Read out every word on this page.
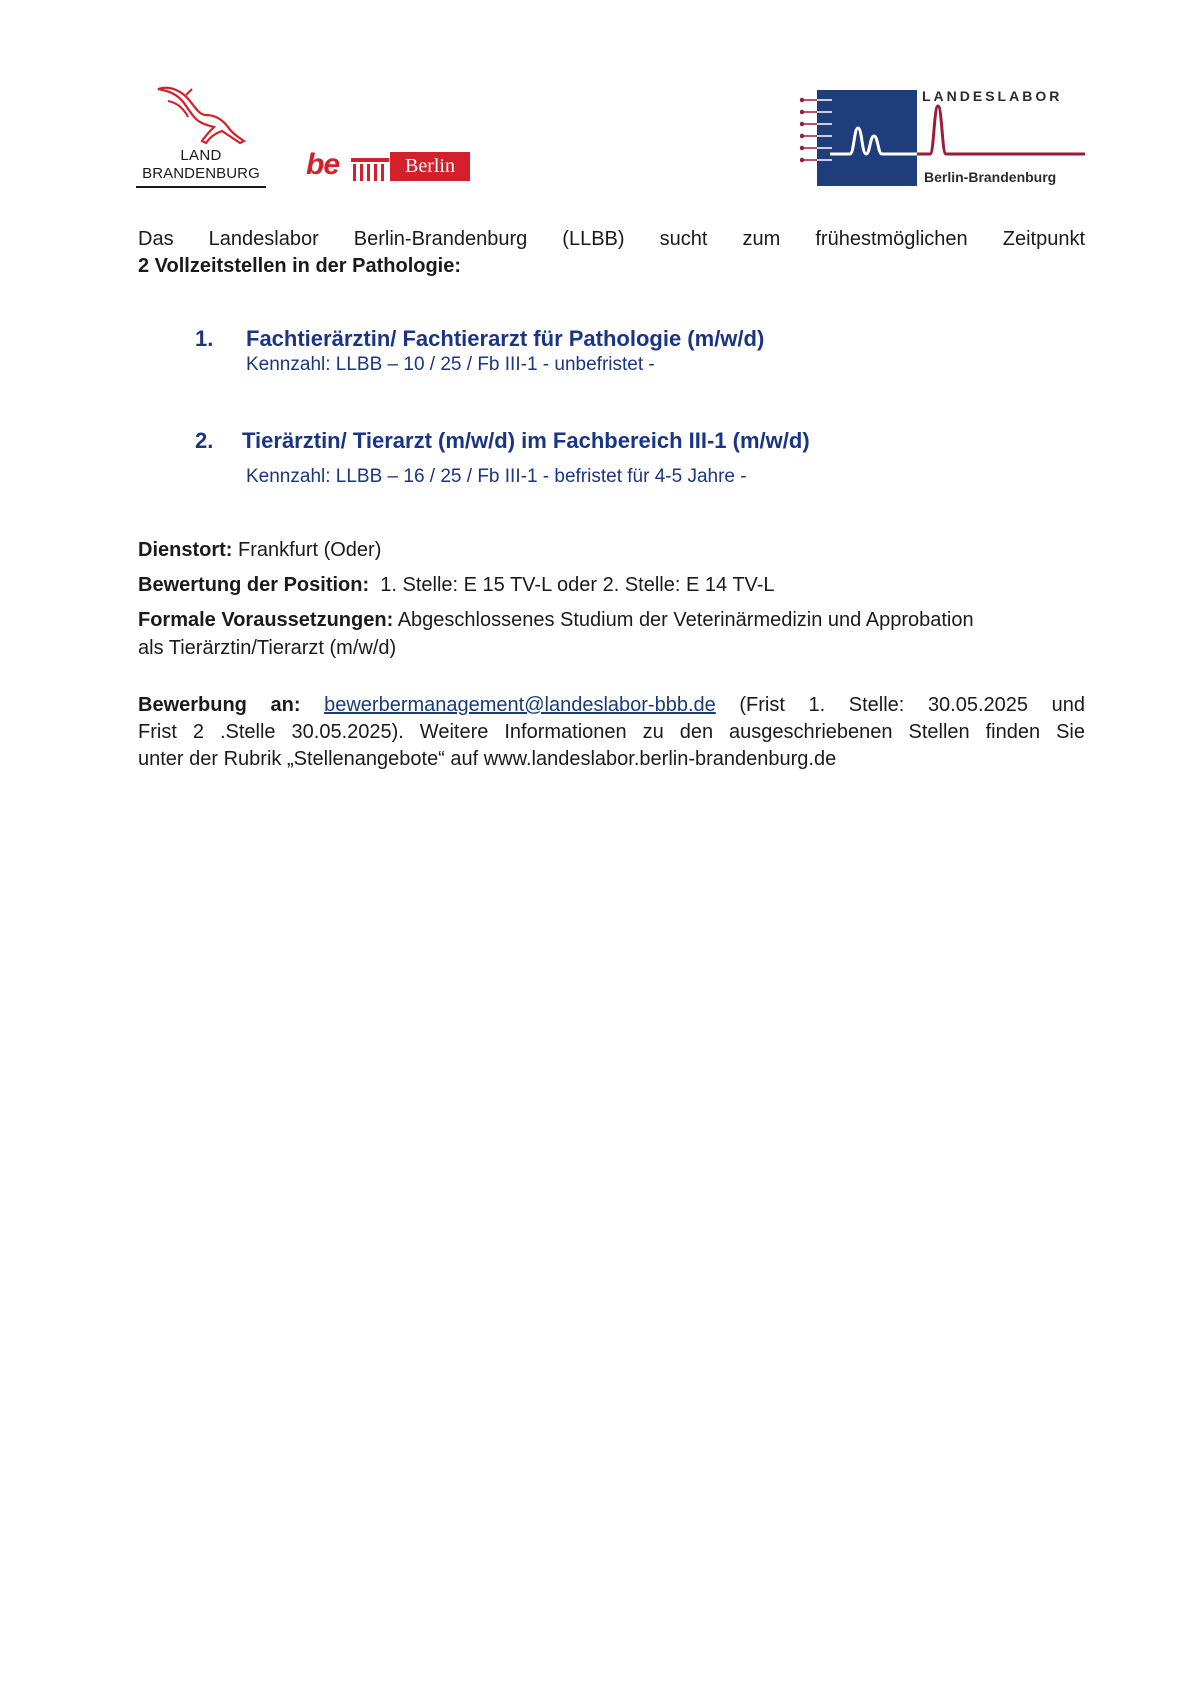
LAND
BRANDENBURG be	Berlin
LANDESLABOR
Berlin-Brandenburg
Das Landeslabor Berlin-Brandenburg (LLBB) sucht zum frühestmöglichen Zeitpunkt
2 Vollzeitstellen in der Pathologie:
1. Fachtierärztin/ Fachtierarzt für Pathologie (m/w/d)
Kennzahl: LLBB – 10 / 25 / Fb III-1 - unbefristet -
2. Tierärztin/ Tierarzt (m/w/d) im Fachbereich III-1 (m/w/d)
Kennzahl: LLBB – 16 / 25 / Fb III-1 - befristet für 4-5 Jahre -
Dienstort: Frankfurt (Oder)
Bewertung der Position: 1. Stelle: E 15 TV-L oder 2. Stelle: E 14 TV-L
Formale Voraussetzungen: Abgeschlossenes Studium der Veterinärmedizin und Approbation
als Tierärztin/Tierarzt (m/w/d)
Bewerbung an: bewerbermanagement@landeslabor-bbb.de (Frist 1. Stelle: 30.05.2025 und
Frist 2 .Stelle 30.05.2025). Weitere Informationen zu den ausgeschriebenen Stellen finden Sie
unter der Rubrik „Stellenangebote“ auf www.landeslabor.berlin-brandenburg.de
